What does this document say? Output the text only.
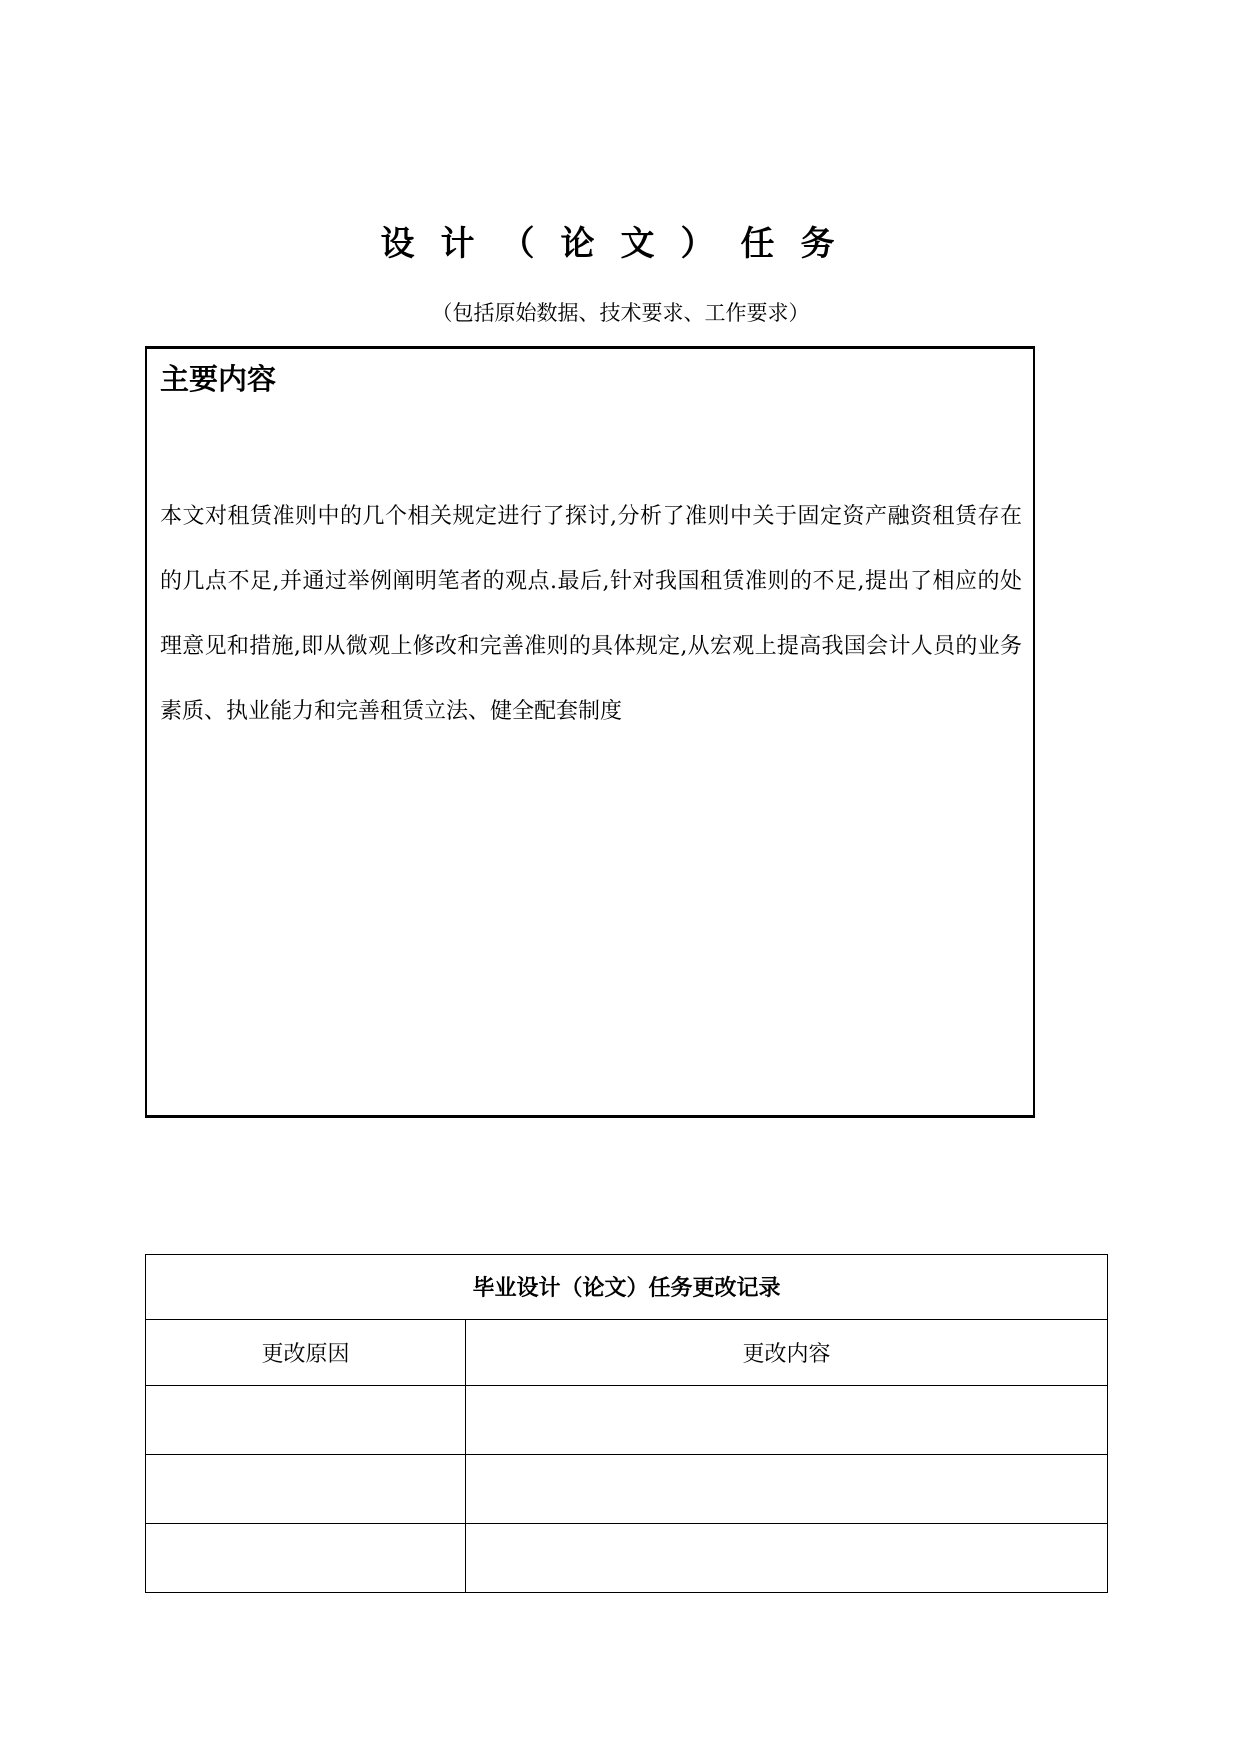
设计（论文）任务
（包括原始数据、技术要求、工作要求）
主要内容
本文对租赁准则中的几个相关规定进行了探讨,分析了准则中关于固定资产融资租赁存在的几点不足,并通过举例阐明笔者的观点.最后,针对我国租赁准则的不足,提出了相应的处理意见和措施,即从微观上修改和完善准则的具体规定,从宏观上提高我国会计人员的业务素质、执业能力和完善租赁立法、健全配套制度
毕业设计（论文）任务更改记录	
更改原因	更改内容
